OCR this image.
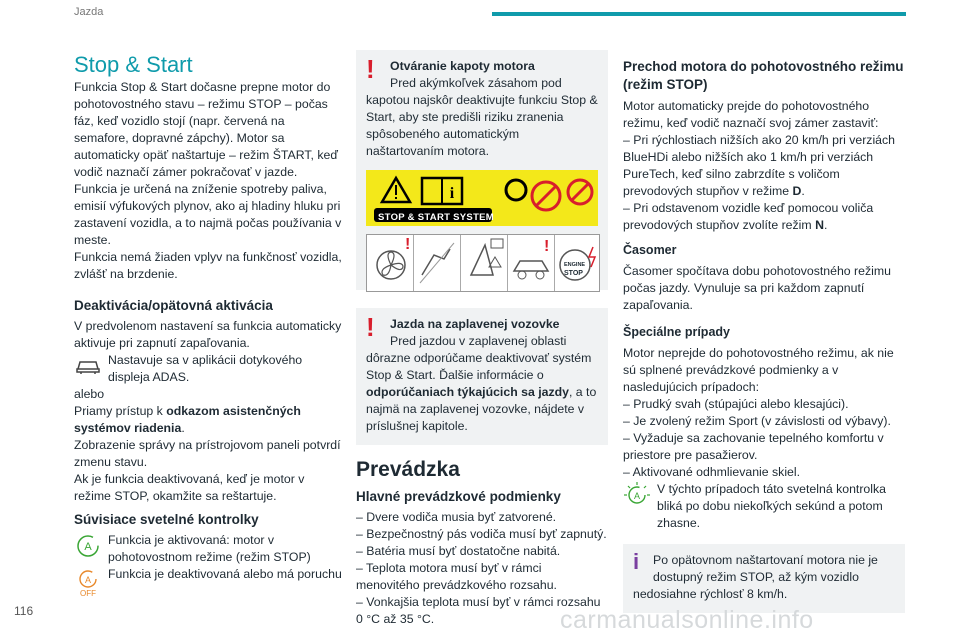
Jazda
116
Stop & Start

Funkcia Stop & Start dočasne prepne motor do pohotovostného stavu – režimu STOP – počas fáz, keď vozidlo stojí (napr. červená na semafore, dopravné zápchy). Motor sa automaticky opäť naštartuje – režim ŠTART, keď vodič naznačí zámer pokračovať v jazde.

Funkcia je určená na zníženie spotreby paliva, emisií výfukových plynov, ako aj hladiny hluku pri zastavení vozidla, a to najmä počas používania v meste.

Funkcia nemá žiaden vplyv na funkčnosť vozidla, zvlášť na brzdenie.

Deaktivácia/opätovná aktivácia

V predvolenom nastavení sa funkcia automaticky aktivuje pri zapnutí zapaľovania.

Nastavuje sa v aplikácii dotykového displeja ADAS.

alebo

Priamy prístup k odkazom asistenčných systémov riadenia.

Zobrazenie správy na prístrojovom paneli potvrdí zmenu stavu.

Ak je funkcia deaktivovaná, keď je motor v režime STOP, okamžite sa reštartuje.

Súvisiace svetelné kontrolky
A Funkcia je aktivovaná: motor v pohotovostnom režime (režim STOP)

A
OFF

Funkcia je deaktivovaná alebo má poruchu

!	Otváranie kapoty motora

Pred akýmkoľvek zásahom pod kapotou najskôr deaktivujte funkciu Stop & Start, aby ste predišli riziku zranenia spôsobeného automatickým naštartovaním motora.

i
STOP & START SYSTEM
!	!
ENGINE
STOP
!	Jazda na zaplavenej vozovke

Pred jazdou v zaplavenej oblasti dôrazne odporúčame deaktivovať systém Stop & Start. Ďalšie informácie o odporúčaniach týkajúcich sa jazdy, a to najmä na zaplavenej vozovke, nájdete v príslušnej kapitole.

Prevádzka
Hlavné prevádzkové podmienky

– Dvere vodiča musia byť zatvorené.

– Bezpečnostný pás vodiča musí byť zapnutý.

– Batéria musí byť dostatočne nabitá.

– Teplota motora musí byť v rámci menovitého prevádzkového rozsahu.

– Vonkajšia teplota musí byť v rámci rozsahu 0 °C až 35 °C.

Prechod motora do pohotovostného režimu (režim STOP)

Motor automaticky prejde do pohotovostného režimu, keď vodič naznačí svoj zámer zastaviť:

– Pri rýchlostiach nižších ako 20 km/h pri verziách BlueHDi alebo nižších ako 1 km/h pri verziách PureTech, keď silno zabrzdíte s voličom prevodových stupňov v režime D.

– Pri odstavenom vozidle keď pomocou voliča prevodových stupňov zvolíte režim N.

Časomer

Časomer spočítava dobu pohotovostného režimu počas jazdy. Vynuluje sa pri každom zapnutí zapaľovania.

Špeciálne prípady

Motor neprejde do pohotovostného režimu, ak nie sú splnené prevádzkové podmienky a v nasledujúcich prípadoch:

– Prudký svah (stúpajúci alebo klesajúci).

– Je zvolený režim Sport (v závislosti od výbavy).

– Vyžaduje sa zachovanie tepelného komfortu v priestore pre pasažierov.

– Aktivované odhmlievanie skiel.

A V týchto prípadoch táto svetelná kontrolka bliká po dobu niekoľkých sekúnd a potom zhasne.

i	Po opätovnom naštartovaní motora nie je dostupný režim STOP, až kým vozidlo nedosiahne rýchlosť 8 km/h.

carmanualsonline.info
